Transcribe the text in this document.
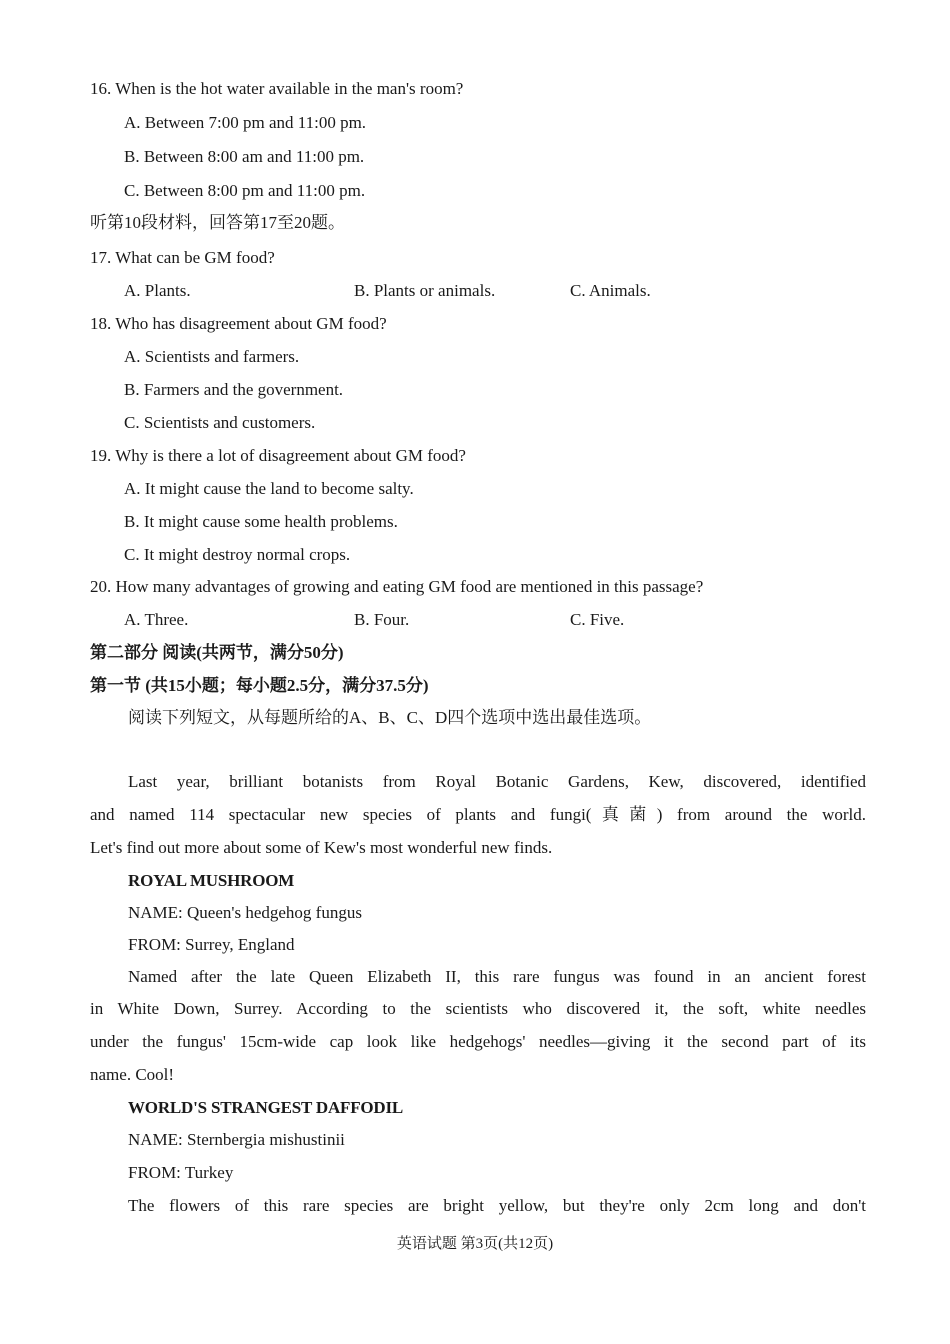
16. When is the hot water available in the man's room?
A. Between 7:00 pm and 11:00 pm.
B. Between 8:00 am and 11:00 pm.
C. Between 8:00 pm and 11:00 pm.
听第10段材料，回答第17至20题。
17. What can be GM food?
A. Plants.	B. Plants or animals.	C. Animals.
18. Who has disagreement about GM food?
A. Scientists and farmers.
B. Farmers and the government.
C. Scientists and customers.
19. Why is there a lot of disagreement about GM food?
A. It might cause the land to become salty.
B. It might cause some health problems.
C. It might destroy normal crops.
20. How many advantages of growing and eating GM food are mentioned in this passage?
A. Three.	B. Four.	C. Five.
第二部分 阅读(共两节，满分50分)
第一节 (共15小题；每小题2.5分，满分37.5分)
阅读下列短文，从每题所给的A、B、C、D四个选项中选出最佳选项。
Last year, brilliant botanists from Royal Botanic Gardens, Kew, discovered, identified
and named 114 spectacular new species of plants and fungi(真菌) from around the world.
Let's find out more about some of Kew's most wonderful new finds.
ROYAL MUSHROOM
NAME: Queen's hedgehog fungus
FROM: Surrey, England
Named after the late Queen Elizabeth II, this rare fungus was found in an ancient forest
in White Down, Surrey. According to the scientists who discovered it, the soft, white needles
under the fungus' 15cm-wide cap look like hedgehogs' needles—giving it the second part of its
name. Cool!
WORLD'S STRANGEST DAFFODIL
NAME: Sternbergia mishustinii
FROM: Turkey
The flowers of this rare species are bright yellow, but they're only 2cm long and don't
英语试题 第3页(共12页)
